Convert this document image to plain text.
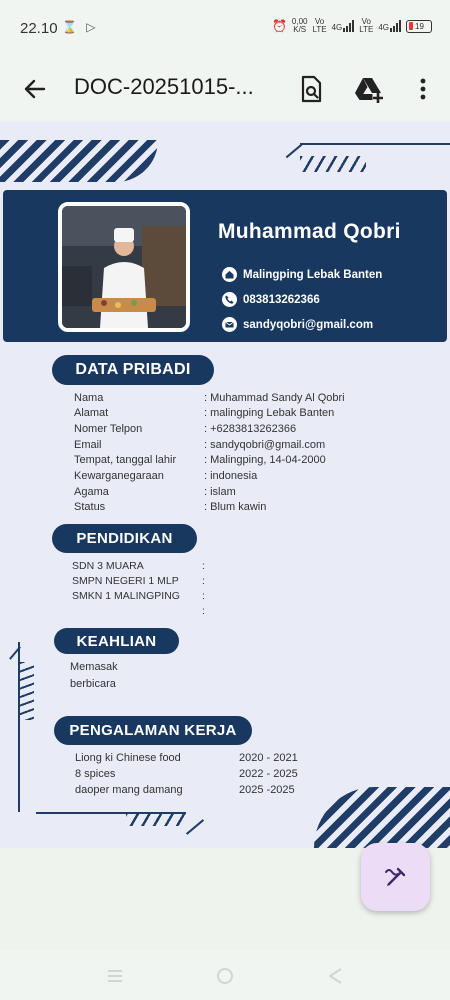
22.10 ⌛ ▷	⏰ 0,00
K/S
Vo
LTE 4G
Vo
LTE 4G	19
DOC-20251015-...
Muhammad Qobri
Malingping Lebak Banten
083813262366
sandyqobri@gmail.com
DATA PRIBADI
Nama	: Muhammad Sandy Al Qobri
Alamat	: malingping Lebak Banten
Nomer Telpon	: +6283813262366
Email	: sandyqobri@gmail.com
Tempat, tanggal lahir	: Malingping, 14-04-2000
Kewarganegaraan	: indonesia
Agama	: islam
Status	: Blum kawin
PENDIDIKAN
SDN 3 MUARA	:
SMPN NEGERI 1 MLP :
SMKN 1 MALINGPING :
:
KEAHLIAN
Memasak
berbicara
PENGALAMAN KERJA
Liong ki Chinese food	2020 - 2021
8 spices	2022 - 2025
daoper mang damang	2025 -2025
